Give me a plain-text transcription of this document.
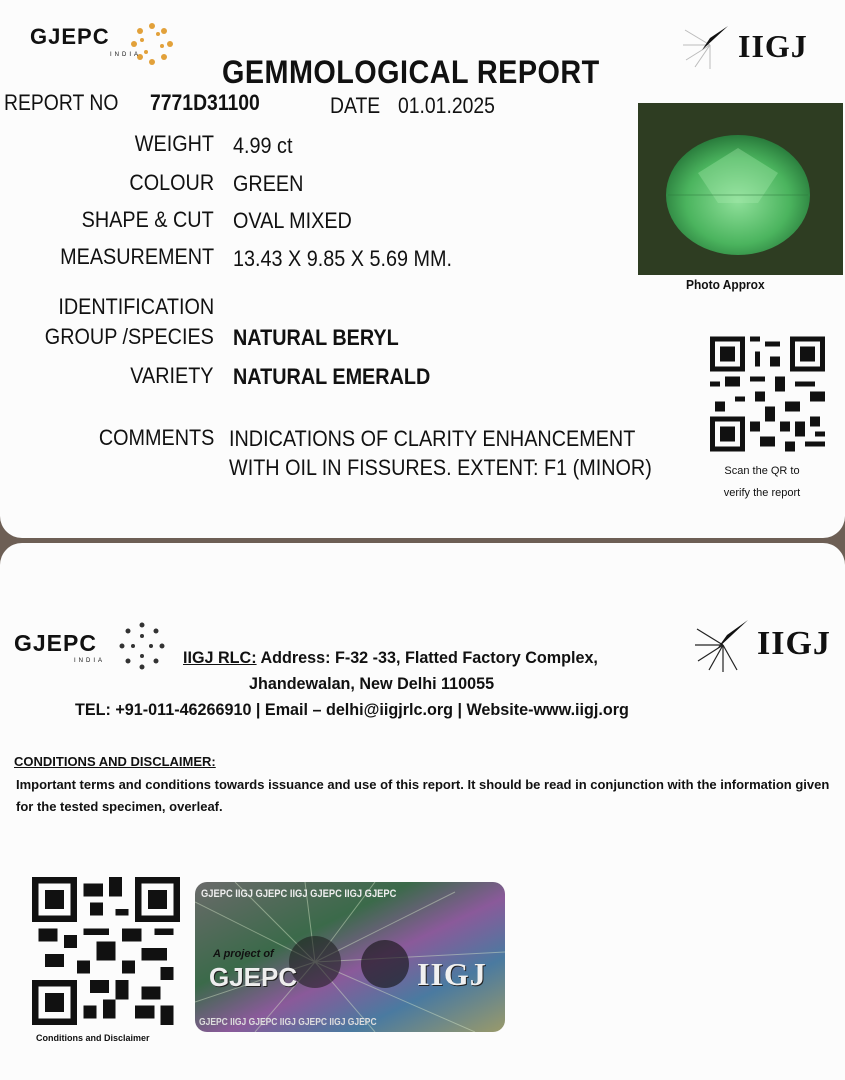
GJEPC
INDIA	IIGJ
GEMMOLOGICAL REPORT
REPORT NO 7771D31100	DATE 01.01.2025
WEIGHT 4.99 ct
COLOUR GREEN
SHAPE & CUT OVAL MIXED
MEASUREMENT 13.43 X 9.85 X 5.69 MM.
IDENTIFICATION
GROUP /SPECIES NATURAL BERYL
VARIETY NATURAL EMERALD
COMMENTS INDICATIONS OF CLARITY ENHANCEMENT
WITH OIL IN FISSURES. EXTENT: F1 (MINOR)
Photo Approx
Scan the QR to
verify the report
GJEPC
INDIA	IIGJ
IIGJ RLC: Address: F-32 -33, Flatted Factory Complex,
Jhandewalan, New Delhi 110055
TEL: +91-011-46266910 | Email – delhi@iigjrlc.org | Website-www.iigj.org
CONDITIONS AND DISCLAIMER:
Important terms and conditions towards issuance and use of this report. It should be read in conjunction with the information given for the tested specimen, overleaf.
Conditions and Disclaimer
GJEPC IIGJ GJEPC IIGJ GJEPC IIGJ GJEPC
GJEPC IIGJ GJEPC IIGJ GJEPC IIGJ GJEPC
A project of
GJEPC	IIGJ
